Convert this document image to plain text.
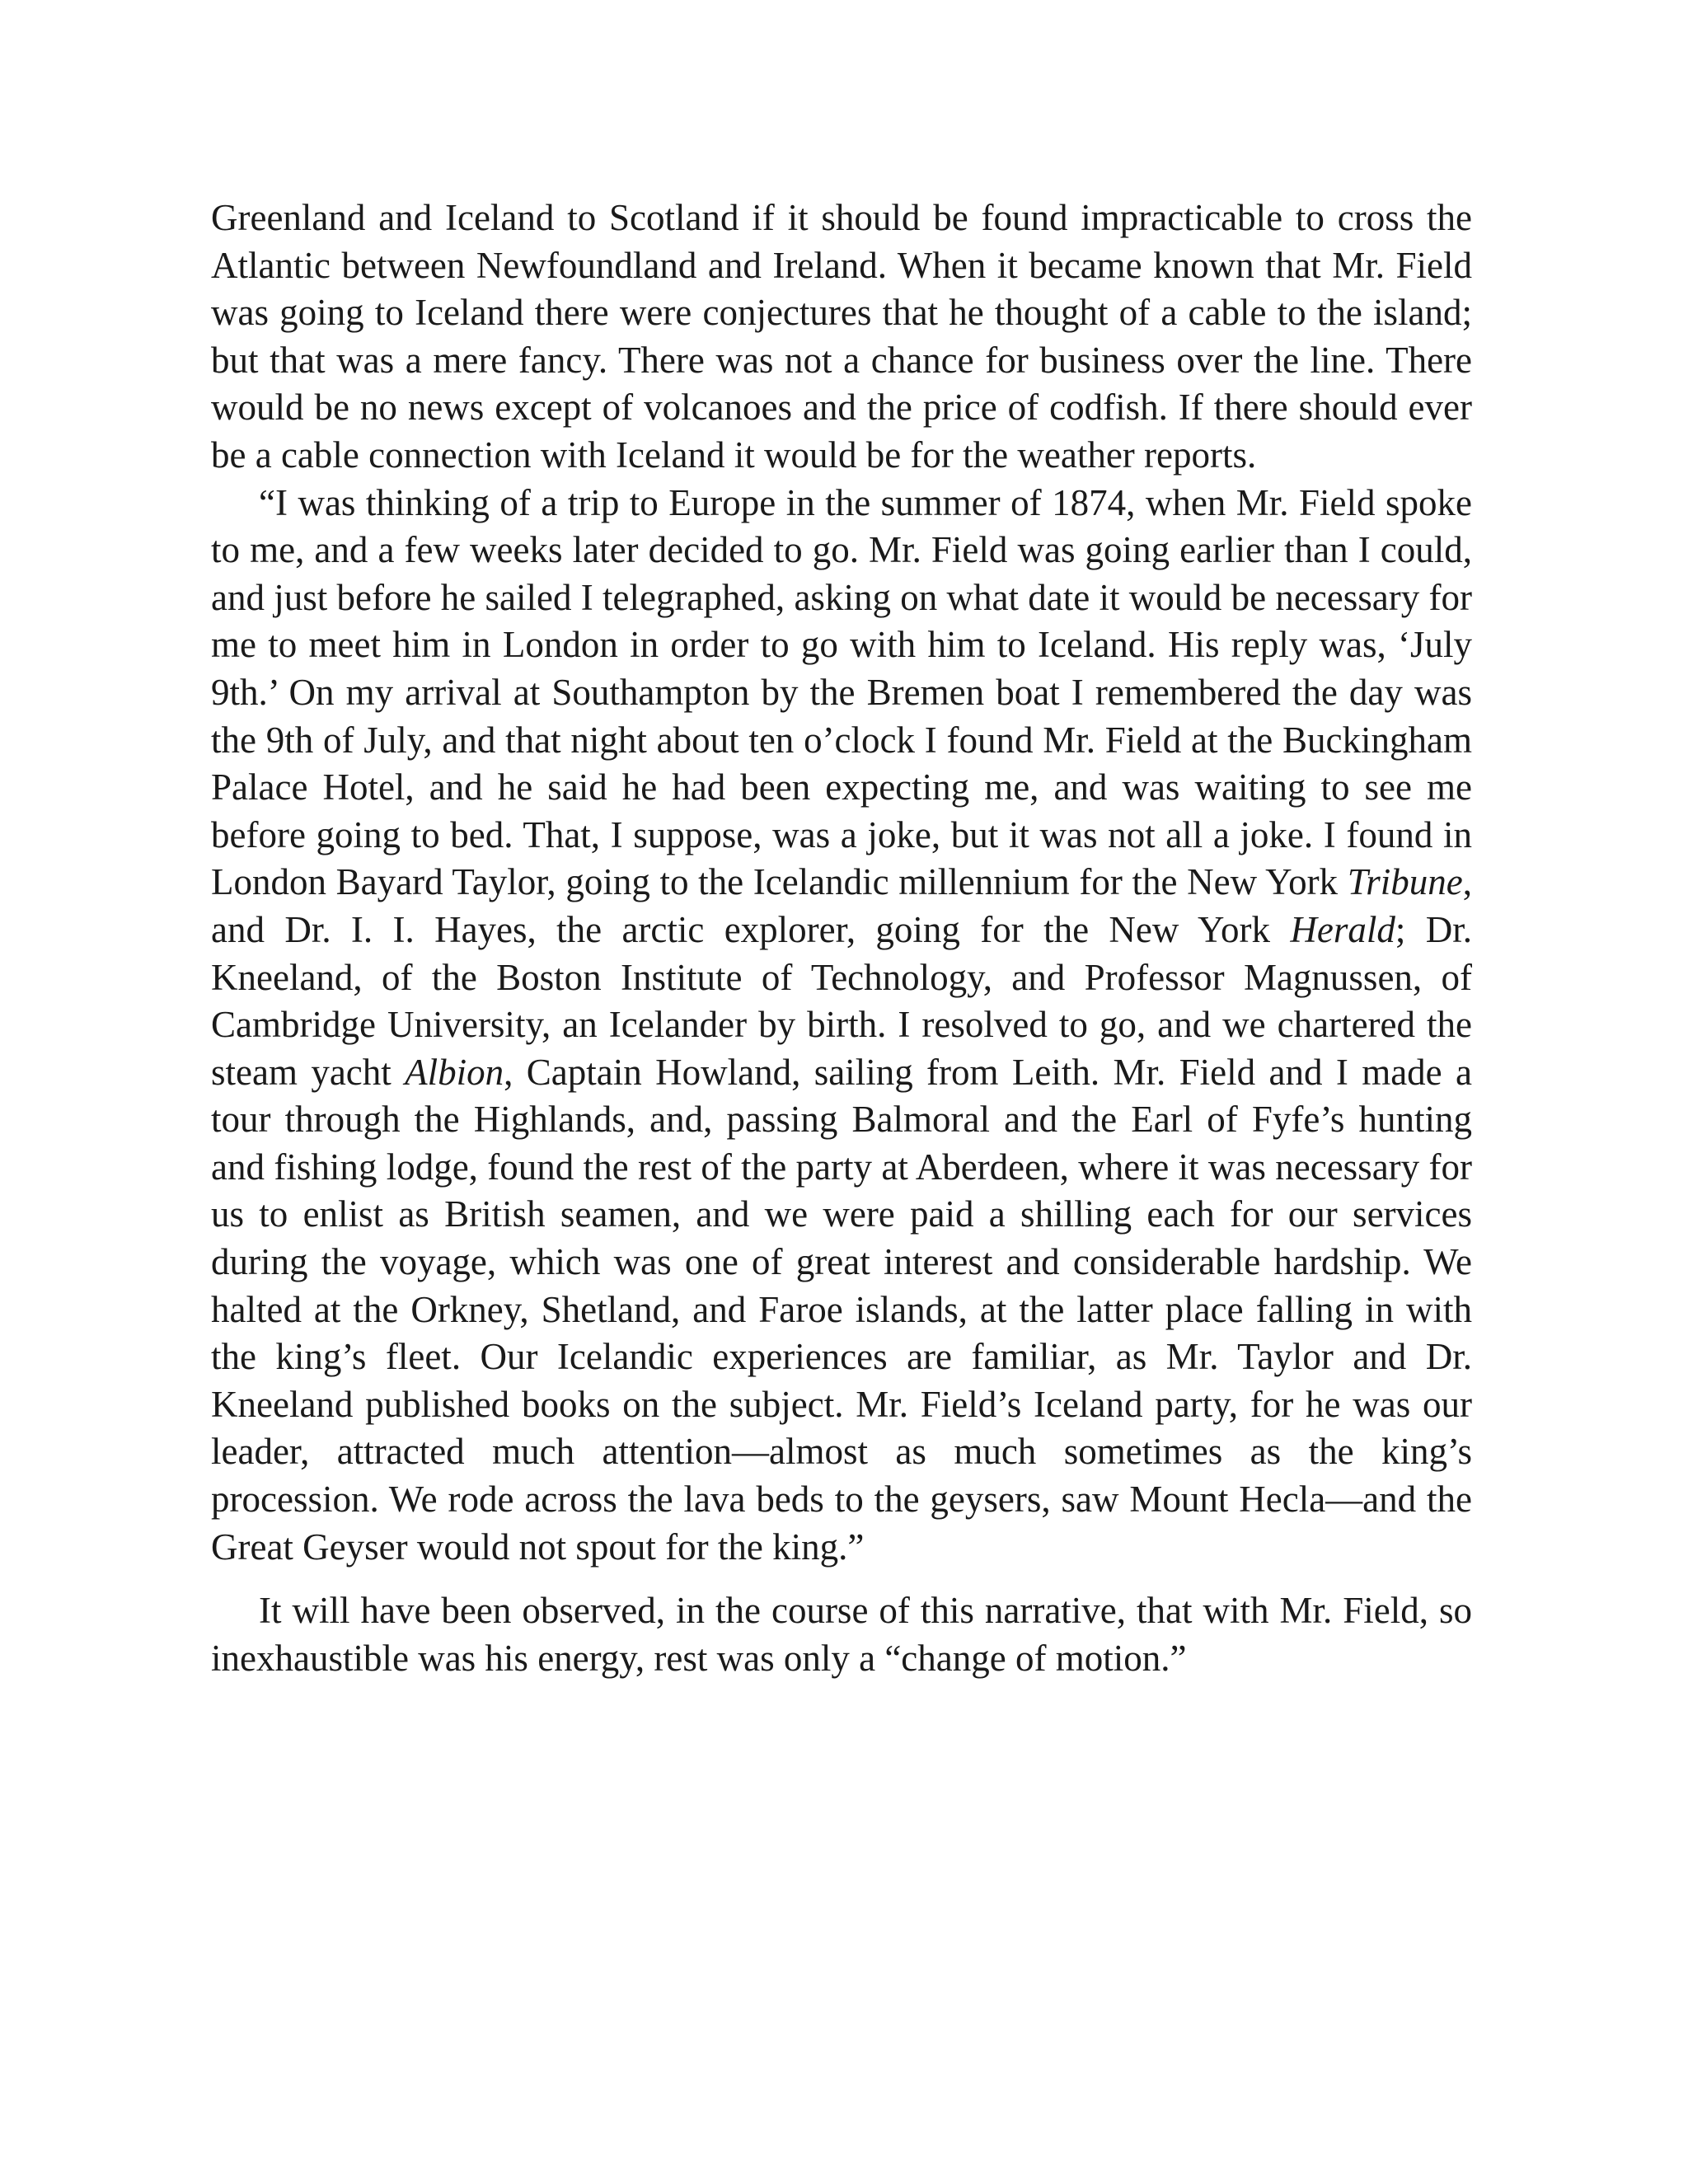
Greenland and Iceland to Scotland if it should be found impracticable to cross the Atlantic between Newfoundland and Ireland. When it became known that Mr. Field was going to Iceland there were conjectures that he thought of a cable to the island; but that was a mere fancy. There was not a chance for business over the line. There would be no news except of volcanoes and the price of codfish. If there should ever be a cable connection with Iceland it would be for the weather reports.

“I was thinking of a trip to Europe in the summer of 1874, when Mr. Field spoke to me, and a few weeks later decided to go. Mr. Field was going earlier than I could, and just before he sailed I telegraphed, asking on what date it would be necessary for me to meet him in London in order to go with him to Iceland. His reply was, ‘July 9th.’ On my arrival at Southampton by the Bremen boat I remembered the day was the 9th of July, and that night about ten o’clock I found Mr. Field at the Buckingham Palace Hotel, and he said he had been expecting me, and was waiting to see me before going to bed. That, I suppose, was a joke, but it was not all a joke. I found in London Bayard Taylor, going to the Icelandic millennium for the New York Tribune, and Dr. I. I. Hayes, the arctic explorer, going for the New York Herald; Dr. Kneeland, of the Boston Institute of Technology, and Professor Magnussen, of Cambridge University, an Icelander by birth. I resolved to go, and we chartered the steam yacht Albion, Captain Howland, sailing from Leith. Mr. Field and I made a tour through the Highlands, and, passing Balmoral and the Earl of Fyfe’s hunting and fishing lodge, found the rest of the party at Aberdeen, where it was necessary for us to enlist as British seamen, and we were paid a shilling each for our services during the voyage, which was one of great interest and considerable hardship. We halted at the Orkney, Shetland, and Faroe islands, at the latter place falling in with the king’s fleet. Our Icelandic experiences are familiar, as Mr. Taylor and Dr. Kneeland published books on the subject. Mr. Field’s Iceland party, for he was our leader, attracted much attention—almost as much sometimes as the king’s procession. We rode across the lava beds to the geysers, saw Mount Hecla—and the Great Geyser would not spout for the king.”

It will have been observed, in the course of this narrative, that with Mr. Field, so inexhaustible was his energy, rest was only a “change of motion.”
